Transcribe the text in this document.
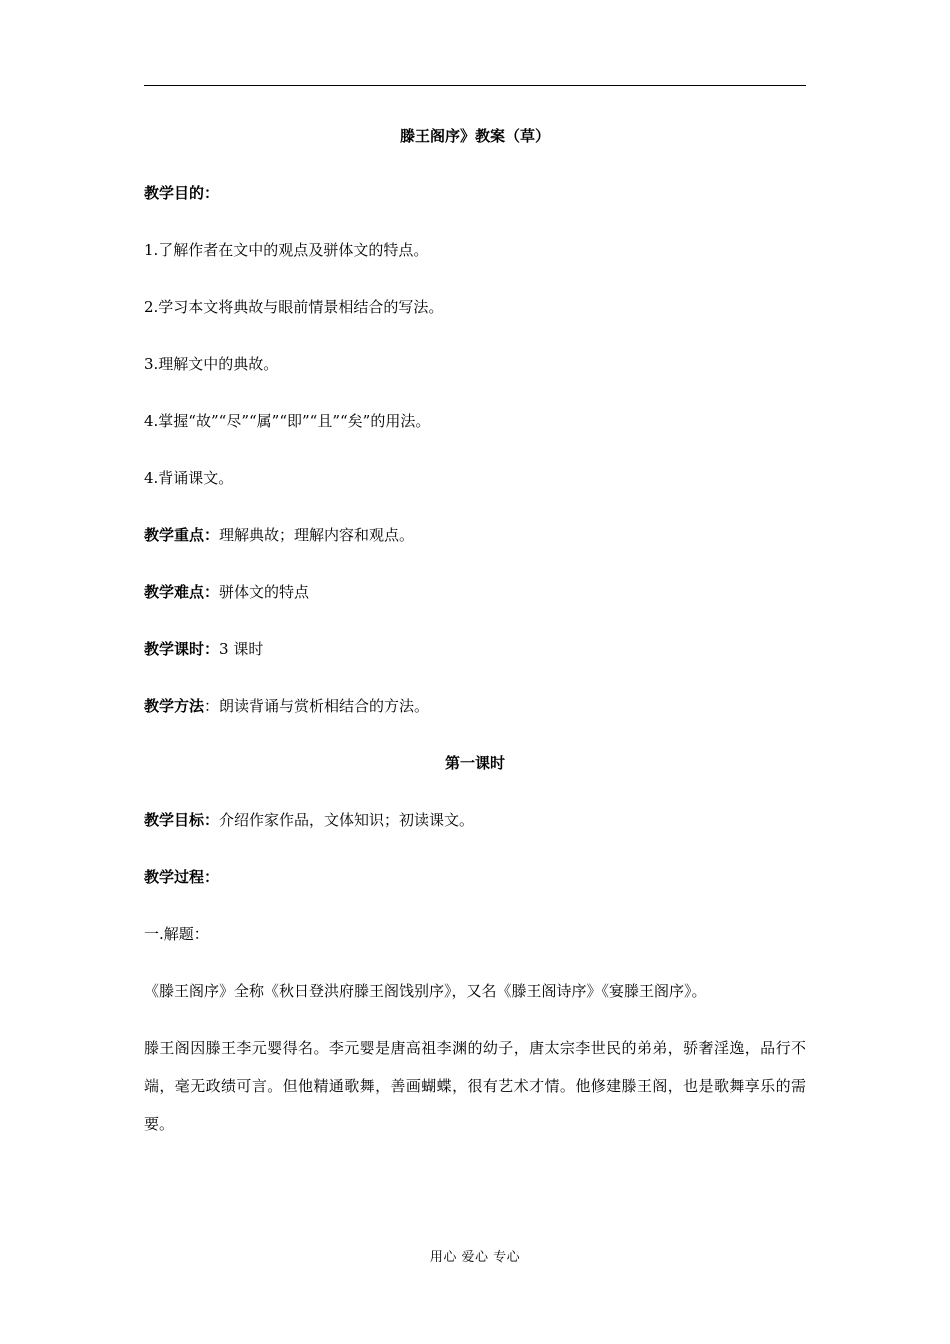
滕王阁序》教案（草）
教学目的：
1.了解作者在文中的观点及骈体文的特点。
2.学习本文将典故与眼前情景相结合的写法。
3.理解文中的典故。
4.掌握“故”“尽”“属”“即”“且”“矣”的用法。
4.背诵课文。
教学重点：理解典故；理解内容和观点。
教学难点：骈体文的特点
教学课时：3 课时
教学方法：朗读背诵与赏析相结合的方法。
第一课时
教学目标：介绍作家作品，文体知识；初读课文。
教学过程：
一.解题：
《滕王阁序》全称《秋日登洪府滕王阁饯别序》，又名《滕王阁诗序》《宴滕王阁序》。

滕王阁因滕王李元婴得名。李元婴是唐高祖李渊的幼子，唐太宗李世民的弟弟，骄奢淫逸，品行不端，毫无政绩可言。但他精通歌舞，善画蝴蝶，很有艺术才情。他修建滕王阁，也是歌舞享乐的需要。

用心 爱心 专心
